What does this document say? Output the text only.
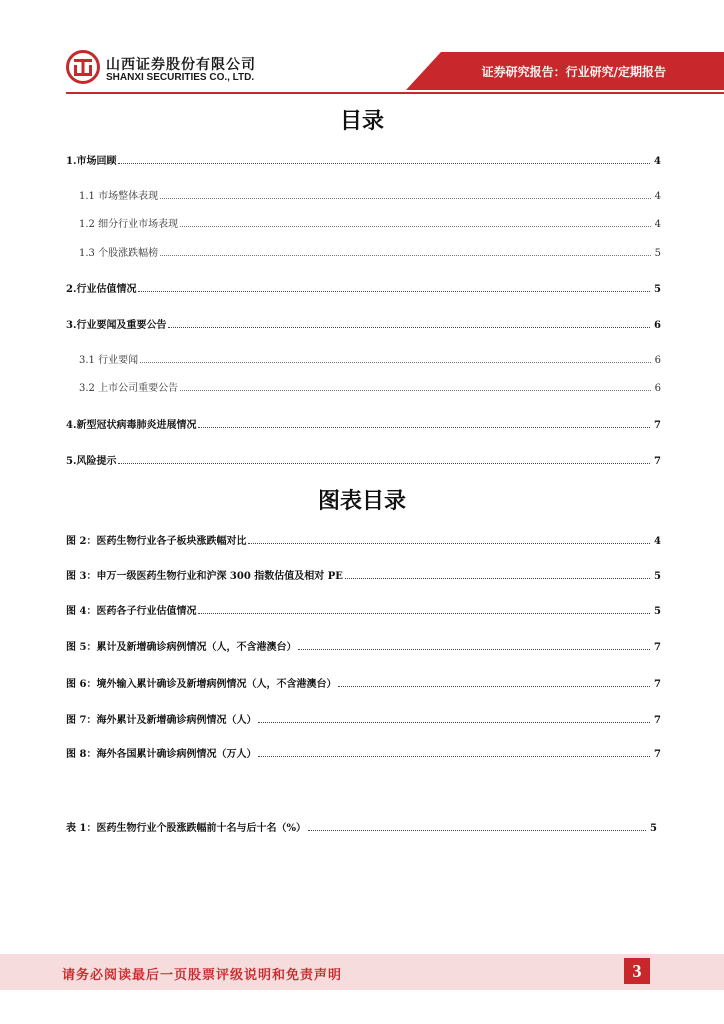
山西证券股份有限公司
SHANXI SECURITIES CO., LTD.	证券研究报告：行业研究/定期报告
目录
1.市场回顾	4
1.1 市场整体表现	4
1.2 细分行业市场表现	4
1.3 个股涨跌幅榜	5
2.行业估值情况	5
3.行业要闻及重要公告	6
3.1 行业要闻	6
3.2 上市公司重要公告	6
4.新型冠状病毒肺炎进展情况	7
5.风险提示	7
图表目录
图 2：医药生物行业各子板块涨跌幅对比	4
图 3：申万一级医药生物行业和沪深 300 指数估值及相对 PE	5
图 4：医药各子行业估值情况	5
图 5：累计及新增确诊病例情况（人，不含港澳台）	7
图 6：境外输入累计确诊及新增病例情况（人，不含港澳台）	7
图 7：海外累计及新增确诊病例情况（人）	7
图 8：海外各国累计确诊病例情况（万人）	7
表 1：医药生物行业个股涨跌幅前十名与后十名（%）	5
请务必阅读最后一页股票评级说明和免责声明	3
